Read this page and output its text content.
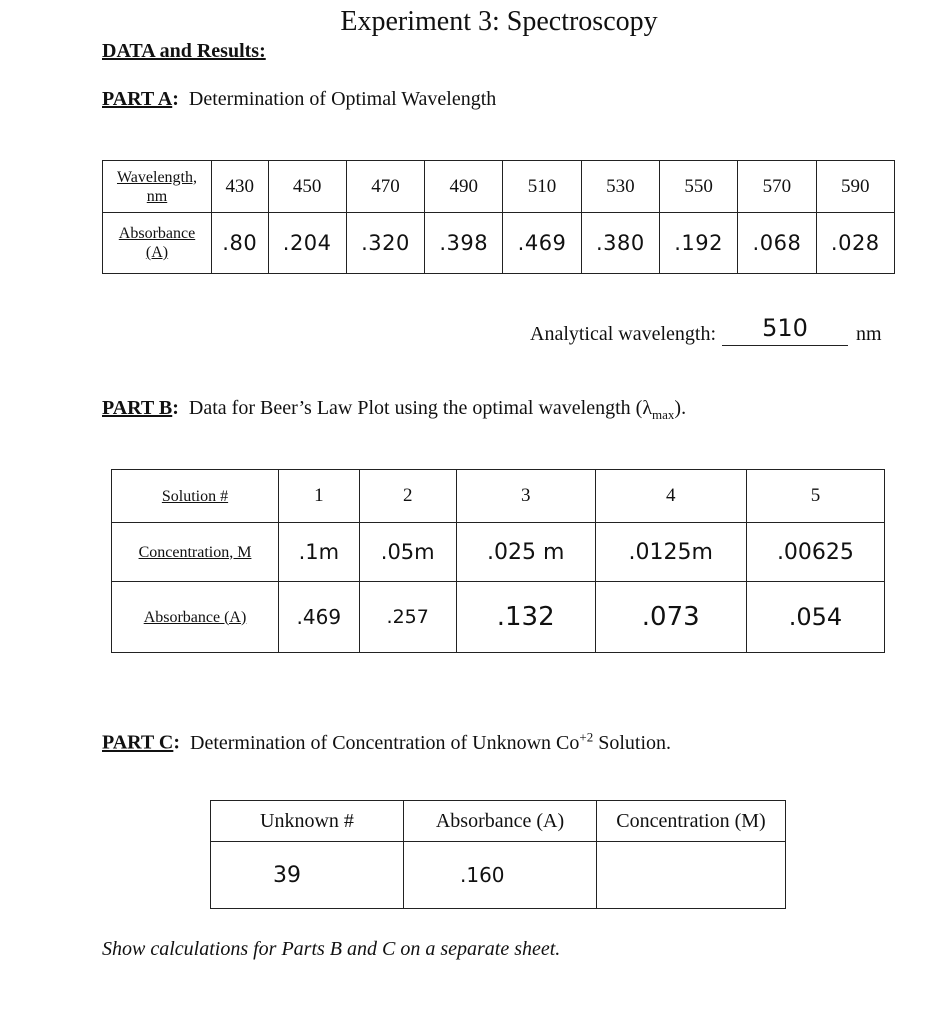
Experiment 3: Spectroscopy
DATA and Results:
PART A: Determination of Optimal Wavelength
Wavelength,
nm	430	450	470	490	510	530	550	570	590

Absorbance
(A)	.80	.204	.320	.398	.469	.380	.192	.068	.028
Analytical wavelength:	510	nm
PART B: Data for Beer’s Law Plot using the optimal wavelength $(\lambda_{max})$.
Solution #	1	2	3	4	5
Concentration, M	.1m	.05m	.025 m	.0125m	.00625
Absorbance (A)	.469	.257	.132	.073	.054
PART C: Determination of Concentration of Unknown $Co^{+2}$ Solution.
Unknown #	Absorbance (A)	Concentration (M)
39	.160	
Show calculations for Parts B and C on a separate sheet.
